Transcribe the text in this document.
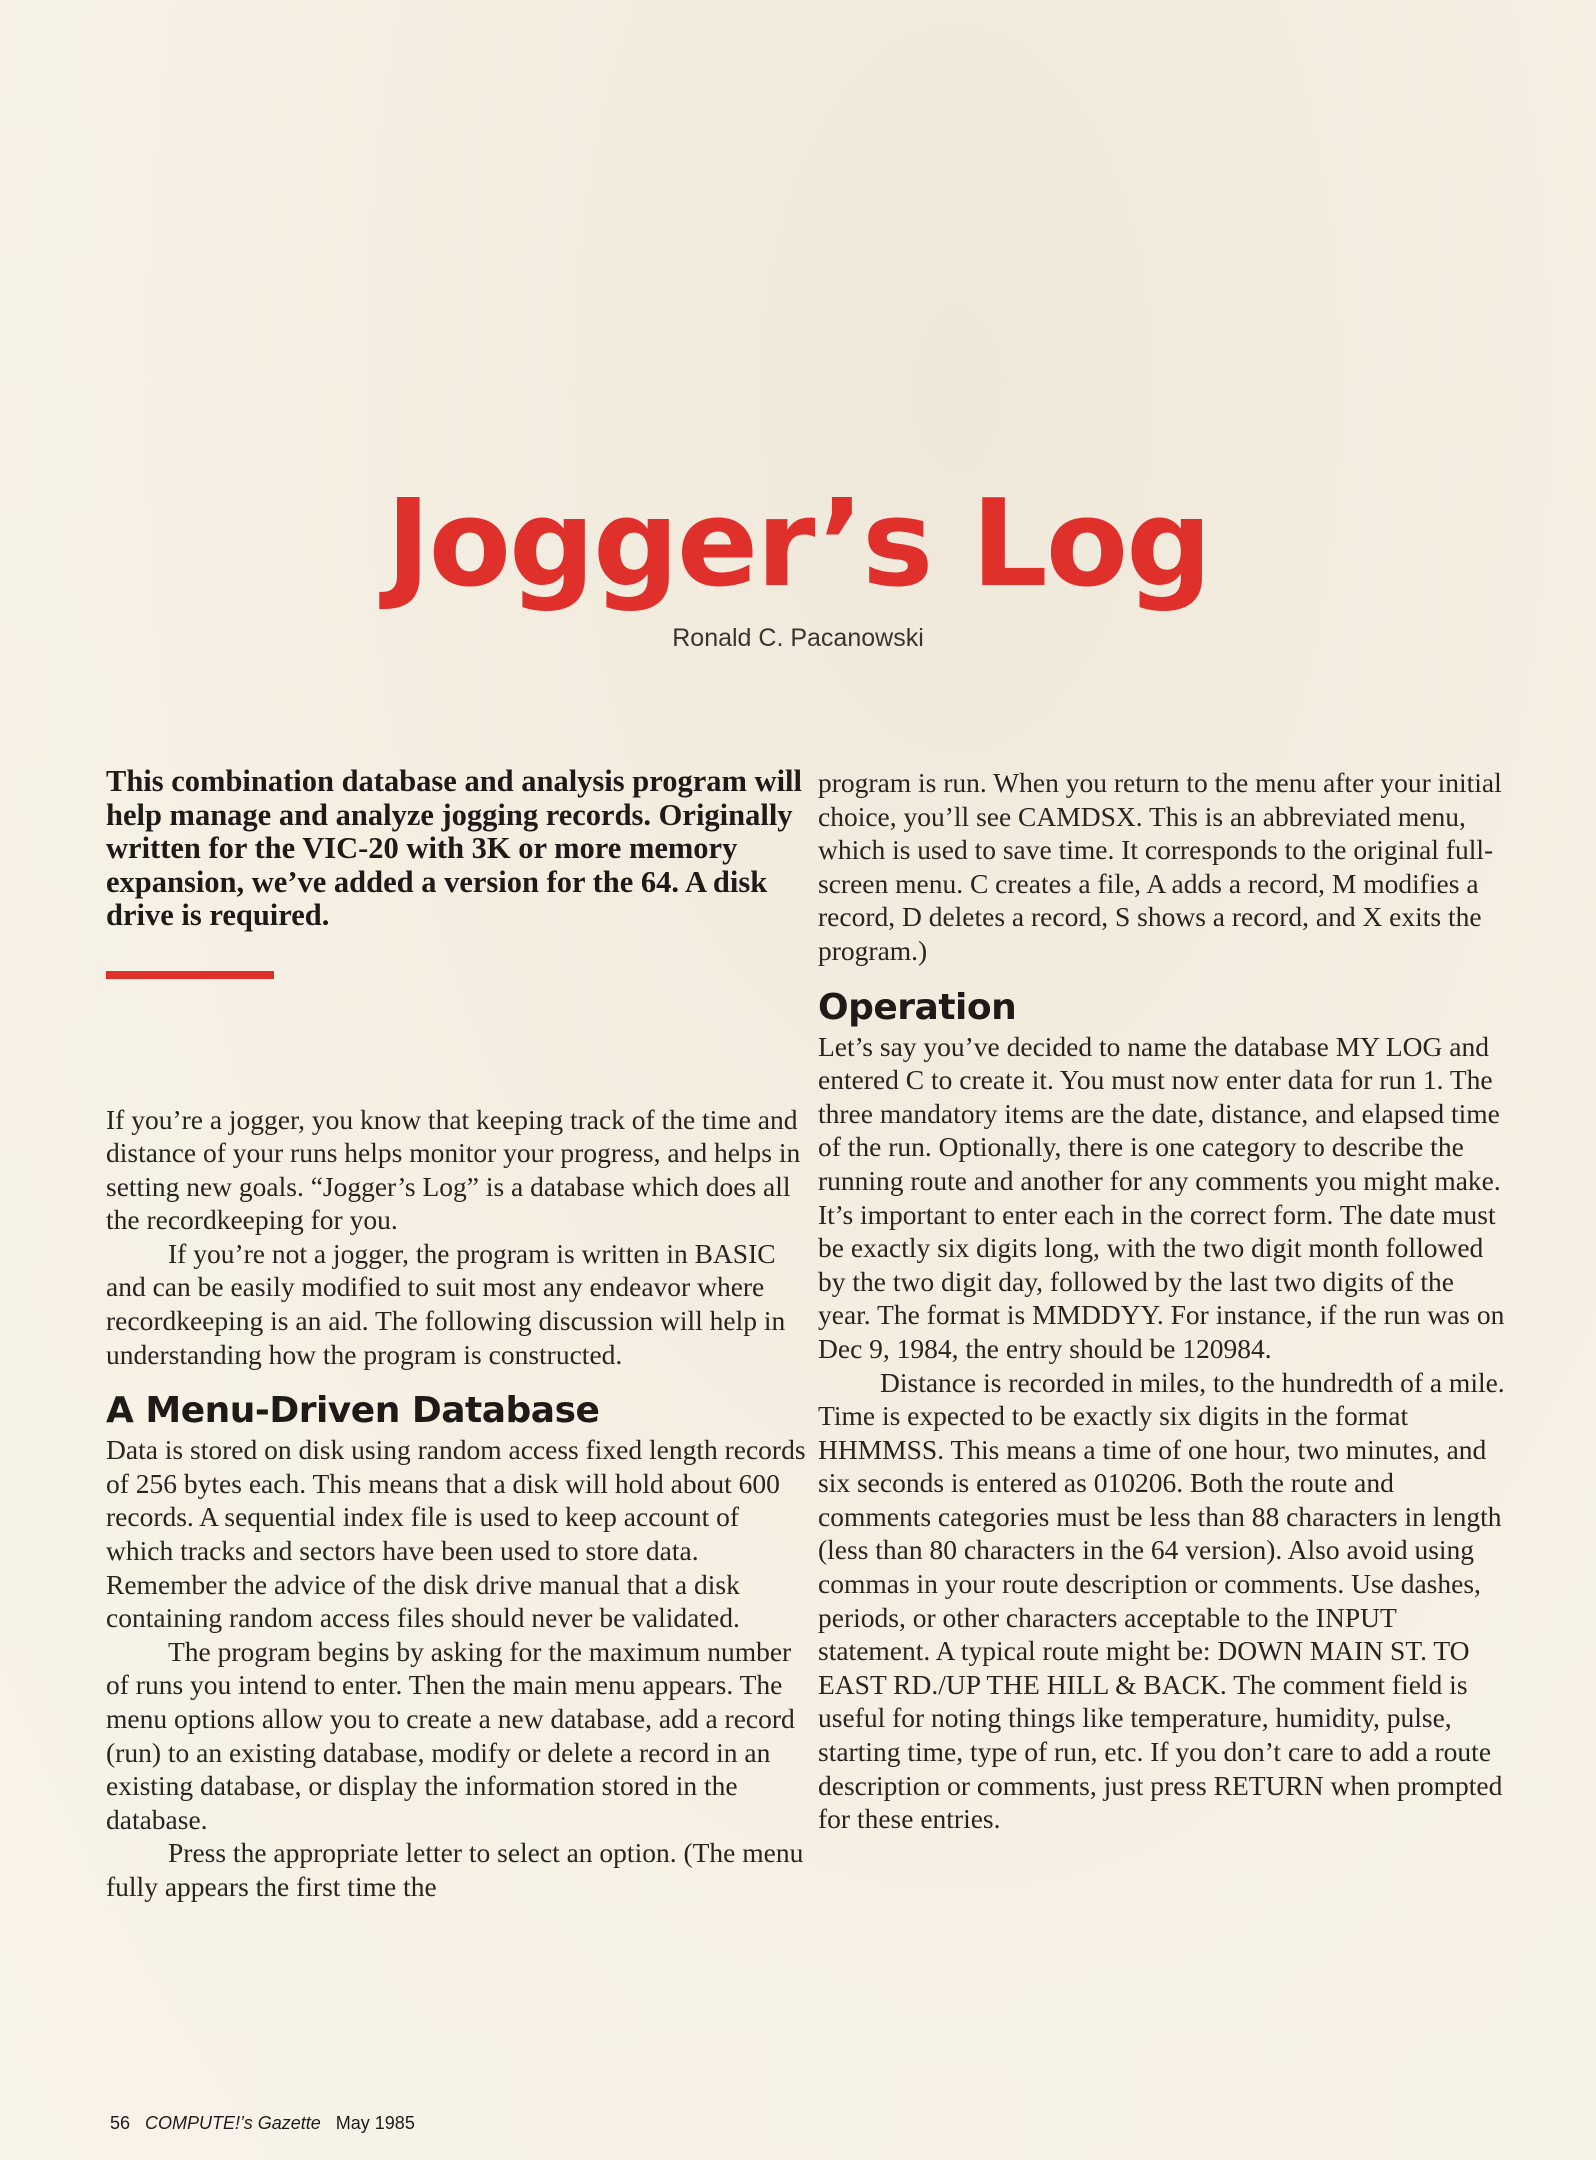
Jogger’s Log
Ronald C. Pacanowski

This combination database and analysis program will help manage and analyze jogging records. Originally written for the VIC-20 with 3K or more memory expansion, we’ve added a version for the 64. A disk drive is required.

If you’re a jogger, you know that keeping track of the time and distance of your runs helps monitor your progress, and helps in setting new goals. “Jogger’s Log” is a database which does all the recordkeeping for you.

If you’re not a jogger, the program is written in BASIC and can be easily modified to suit most any endeavor where recordkeeping is an aid. The following discussion will help in understanding how the program is constructed.

A Menu-Driven Database

Data is stored on disk using random access fixed length records of 256 bytes each. This means that a disk will hold about 600 records. A sequential index file is used to keep account of which tracks and sectors have been used to store data. Remember the advice of the disk drive manual that a disk containing random access files should never be validated.

The program begins by asking for the maximum number of runs you intend to enter. Then the main menu appears. The menu options allow you to create a new database, add a record (run) to an existing database, modify or delete a record in an existing database, or display the information stored in the database.

Press the appropriate letter to select an option. (The menu fully appears the first time the

program is run. When you return to the menu after your initial choice, you’ll see CAMDSX. This is an abbreviated menu, which is used to save time. It corresponds to the original full-screen menu. C creates a file, A adds a record, M modifies a record, D deletes a record, S shows a record, and X exits the program.)

Operation

Let’s say you’ve decided to name the database MY LOG and entered C to create it. You must now enter data for run 1. The three mandatory items are the date, distance, and elapsed time of the run. Optionally, there is one category to describe the running route and another for any comments you might make. It’s important to enter each in the correct form. The date must be exactly six digits long, with the two digit month followed by the two digit day, followed by the last two digits of the year. The format is MMDDYY. For instance, if the run was on Dec 9, 1984, the entry should be 120984.

Distance is recorded in miles, to the hundredth of a mile. Time is expected to be exactly six digits in the format HHMMSS. This means a time of one hour, two minutes, and six seconds is entered as 010206. Both the route and comments categories must be less than 88 characters in length (less than 80 characters in the 64 version). Also avoid using commas in your route description or comments. Use dashes, periods, or other characters acceptable to the INPUT statement. A typical route might be: DOWN MAIN ST. TO EAST RD./UP THE HILL & BACK. The comment field is useful for noting things like temperature, humidity, pulse, starting time, type of run, etc. If you don’t care to add a route description or comments, just press RETURN when prompted for these entries.

56 COMPUTE!’s Gazette May 1985
